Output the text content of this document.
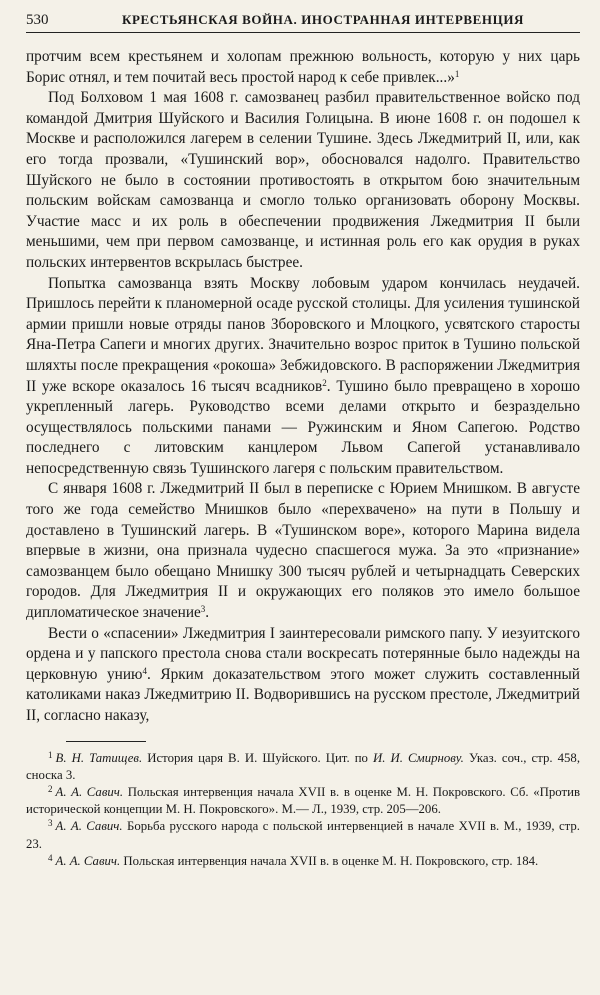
530	КРЕСТЬЯНСКАЯ ВОЙНА. ИНОСТРАННАЯ ИНТЕРВЕНЦИЯ

протчим всем крестьянем и холопам прежнюю вольность, которую у них царь Борис отнял, и тем почитай весь простой народ к себе привлек...»$^1$

Под Болховом 1 мая 1608 г. самозванец разбил правительственное войско под командой Дмитрия Шуйского и Василия Голицына. В июне 1608 г. он подошел к Москве и расположился лагерем в селении Тушине. Здесь Лжедмитрий II, или, как его тогда прозвали, «Тушинский вор», обосновался надолго. Правительство Шуйского не было в состоянии противостоять в открытом бою значительным польским войскам самозванца и смогло только организовать оборону Москвы. Участие масс и их роль в обеспечении продвижения Лжедмитрия II были меньшими, чем при первом самозванце, и истинная роль его как орудия в руках польских интервентов вскрылась быстрее.

Попытка самозванца взять Москву лобовым ударом кончилась неудачей. Пришлось перейти к планомерной осаде русской столицы. Для усиления тушинской армии пришли новые отряды панов Зборовского и Млоцкого, усвятского старосты Яна-Петра Сапеги и многих других. Значительно возрос приток в Тушино польской шляхты после прекращения «рокоша» Зебжидовского. В распоряжении Лжедмитрия II уже вскоре оказалось 16 тысяч всадников$^2$. Тушино было превращено в хорошо укрепленный лагерь. Руководство всеми делами открыто и безраздельно осуществлялось польскими панами — Ружинским и Яном Сапегою. Родство последнего с литовским канцлером Львом Сапегой устанавливало непосредственную связь Тушинского лагеря с польским правительством.

С января 1608 г. Лжедмитрий II был в переписке с Юрием Мнишком. В августе того же года семейство Мнишков было «перехвачено» на пути в Польшу и доставлено в Тушинский лагерь. В «Тушинском воре», которого Марина видела впервые в жизни, она признала чудесно спасшегося мужа. За это «признание» самозванцем было обещано Мнишку 300 тысяч рублей и четырнадцать Северских городов. Для Лжедмитрия II и окружающих его поляков это имело большое дипломатическое значение$^3$.

Вести о «спасении» Лжедмитрия I заинтересовали римского папу. У иезуитского ордена и у папского престола снова стали воскресать потерянные было надежды на церковную унию$^4$. Ярким доказательством этого может служить составленный католиками наказ Лжедмитрию II. Водворившись на русском престоле, Лжедмитрий II, согласно наказу,

$^1$ В. Н. Татищев. История царя В. И. Шуйского. Цит. по И. И. Смирнову. Указ. соч., стр. 458, сноска 3.

$^2$ А. А. Савич. Польская интервенция начала XVII в. в оценке М. Н. Покровского. Сб. «Против исторической концепции М. Н. Покровского». М.— Л., 1939, стр. 205—206.

$^3$ А. А. Савич. Борьба русского народа с польской интервенцией в начале XVII в. М., 1939, стр. 23.

$^4$ А. А. Савич. Польская интервенция начала XVII в. в оценке М. Н. Покровского, стр. 184.
